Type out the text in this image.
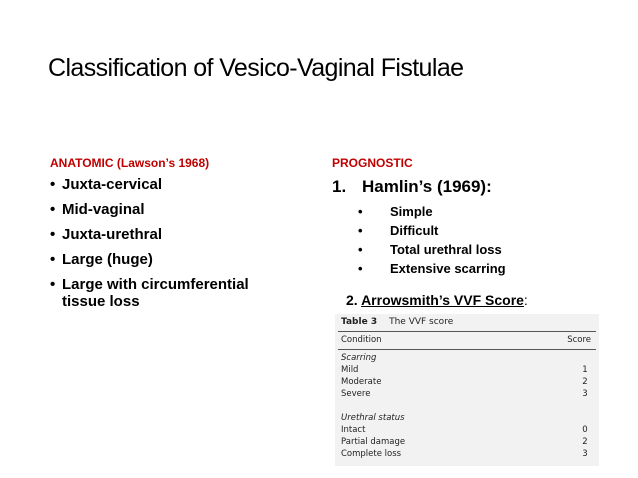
Classification of Vesico-Vaginal Fistulae
ANATOMIC (Lawson’s 1968)
• Juxta-cervical
• Mid-vaginal
• Juxta-urethral
• Large (huge)
• Large with circumferential tissue loss
PROGNOSTIC
1. Hamlin’s (1969):
• Simple
• Difficult
• Total urethral loss
• Extensive scarring
2. Arrowsmith’s VVF Score:
Table 3 The VVF score
Condition	Score
Scarring
Mild	1
Moderate	2
Severe	3
Urethral status
Intact	0
Partial damage	2
Complete loss	3
